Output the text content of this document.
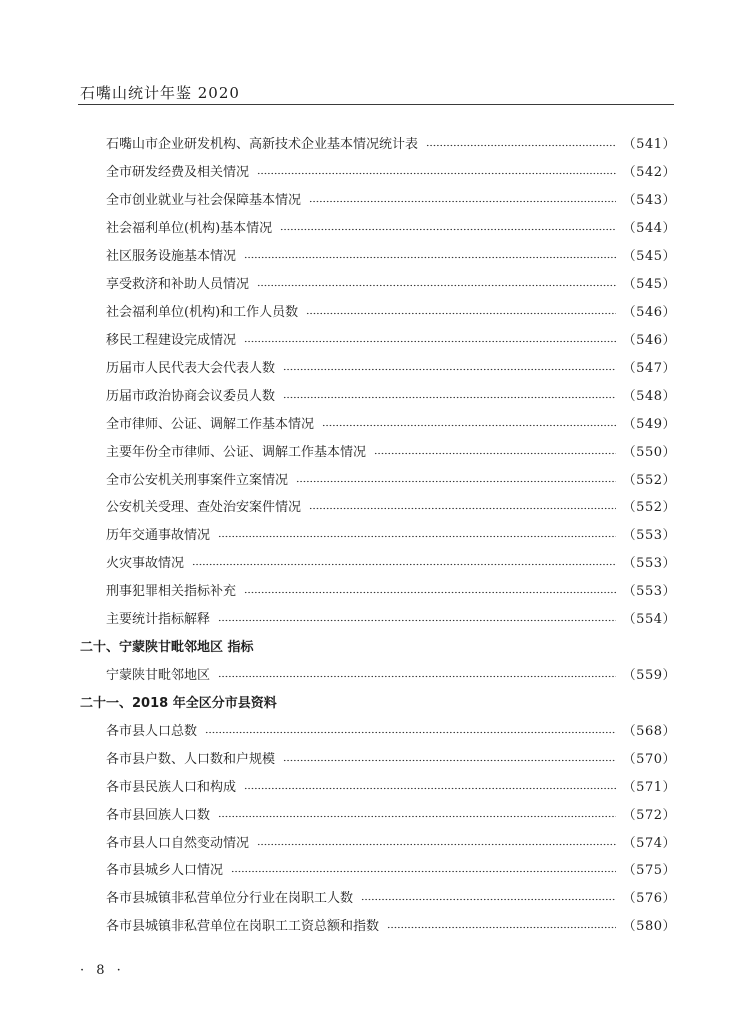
石嘴山统计年鉴 2020
石嘴山市企业研发机构、高新技术企业基本情况统计表	（541）
全市研发经费及相关情况	（542）
全市创业就业与社会保障基本情况	（543）
社会福利单位(机构)基本情况	（544）
社区服务设施基本情况	（545）
享受救济和补助人员情况	（545）
社会福利单位(机构)和工作人员数	（546）
移民工程建设完成情况	（546）
历届市人民代表大会代表人数	（547）
历届市政治协商会议委员人数	（548）
全市律师、公证、调解工作基本情况	（549）
主要年份全市律师、公证、调解工作基本情况	（550）
全市公安机关刑事案件立案情况	（552）
公安机关受理、查处治安案件情况	（552）
历年交通事故情况	（553）
火灾事故情况	（553）
刑事犯罪相关指标补充	（553）
主要统计指标解释	（554）
二十、宁蒙陕甘毗邻地区 指标
宁蒙陕甘毗邻地区	（559）
二十一、2018 年全区分市县资料
各市县人口总数	（568）
各市县户数、人口数和户规模	（570）
各市县民族人口和构成	（571）
各市县回族人口数	（572）
各市县人口自然变动情况	（574）
各市县城乡人口情况	（575）
各市县城镇非私营单位分行业在岗职工人数	（576）
各市县城镇非私营单位在岗职工工资总额和指数	（580）
· 8 ·
